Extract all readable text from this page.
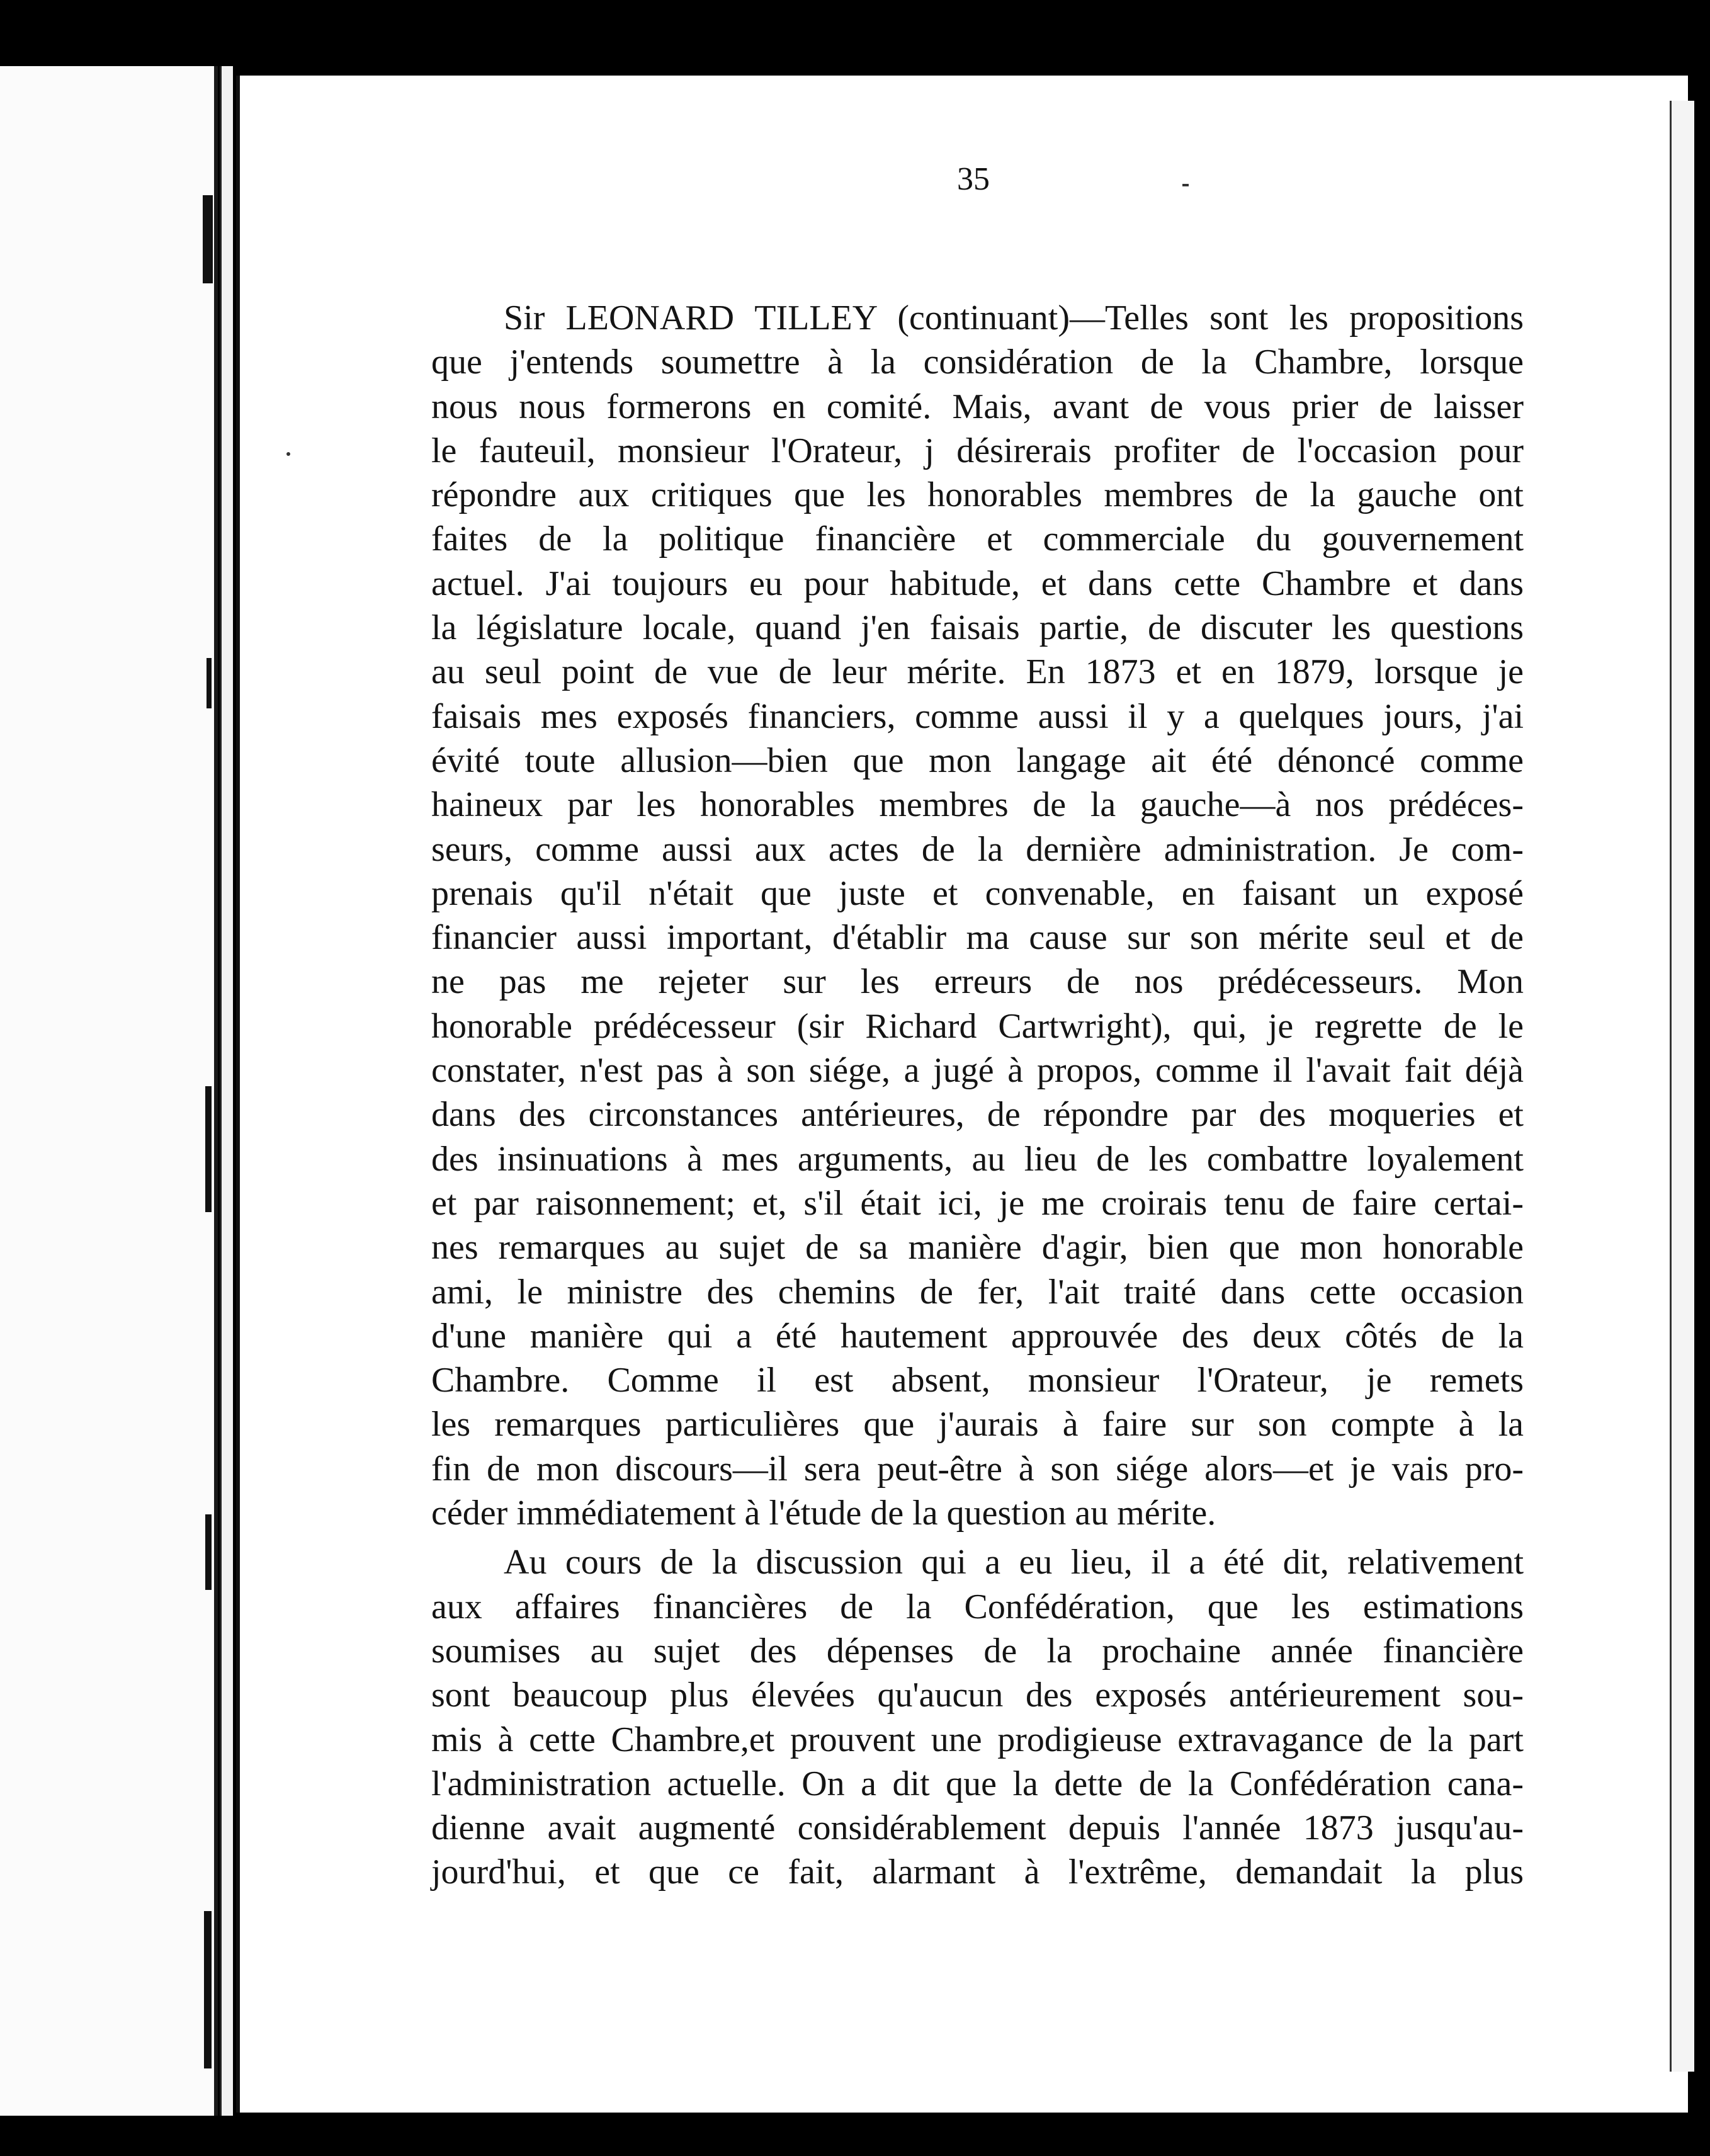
35

Sir LEONARD TILLEY (continuant)—Telles sont les propositions
que j'entends soumettre à la considération de la Chambre, lorsque
nous nous formerons en comité. Mais, avant de vous prier de laisser
le fauteuil, monsieur l'Orateur, j désirerais profiter de l'occasion pour
répondre aux critiques que les honorables membres de la gauche ont
faites de la politique financière et commerciale du gouvernement
actuel. J'ai toujours eu pour habitude, et dans cette Chambre et dans
la législature locale, quand j'en faisais partie, de discuter les questions
au seul point de vue de leur mérite. En 1873 et en 1879, lorsque je
faisais mes exposés financiers, comme aussi il y a quelques jours, j'ai
évité toute allusion—bien que mon langage ait été dénoncé comme
haineux par les honorables membres de la gauche—à nos prédéces-
seurs, comme aussi aux actes de la dernière administration. Je com-
prenais qu'il n'était que juste et convenable, en faisant un exposé
financier aussi important, d'établir ma cause sur son mérite seul et de
ne pas me rejeter sur les erreurs de nos prédécesseurs. Mon
honorable prédécesseur (sir Richard Cartwright), qui, je regrette de le
constater, n'est pas à son siége, a jugé à propos, comme il l'avait fait déjà
dans des circonstances antérieures, de répondre par des moqueries et
des insinuations à mes arguments, au lieu de les combattre loyalement
et par raisonnement; et, s'il était ici, je me croirais tenu de faire certai-
nes remarques au sujet de sa manière d'agir, bien que mon honorable
ami, le ministre des chemins de fer, l'ait traité dans cette occasion
d'une manière qui a été hautement approuvée des deux côtés de la
Chambre. Comme il est absent, monsieur l'Orateur, je remets
les remarques particulières que j'aurais à faire sur son compte à la
fin de mon discours—il sera peut-être à son siége alors—et je vais pro-
céder immédiatement à l'étude de la question au mérite.

Au cours de la discussion qui a eu lieu, il a été dit, relativement
aux affaires financières de la Confédération, que les estimations
soumises au sujet des dépenses de la prochaine année financière
sont beaucoup plus élevées qu'aucun des exposés antérieurement sou-
mis à cette Chambre,et prouvent une prodigieuse extravagance de la part
l'administration actuelle. On a dit que la dette de la Confédération cana-
dienne avait augmenté considérablement depuis l'année 1873 jusqu'au-
jourd'hui, et que ce fait, alarmant à l'extrême, demandait la plus
